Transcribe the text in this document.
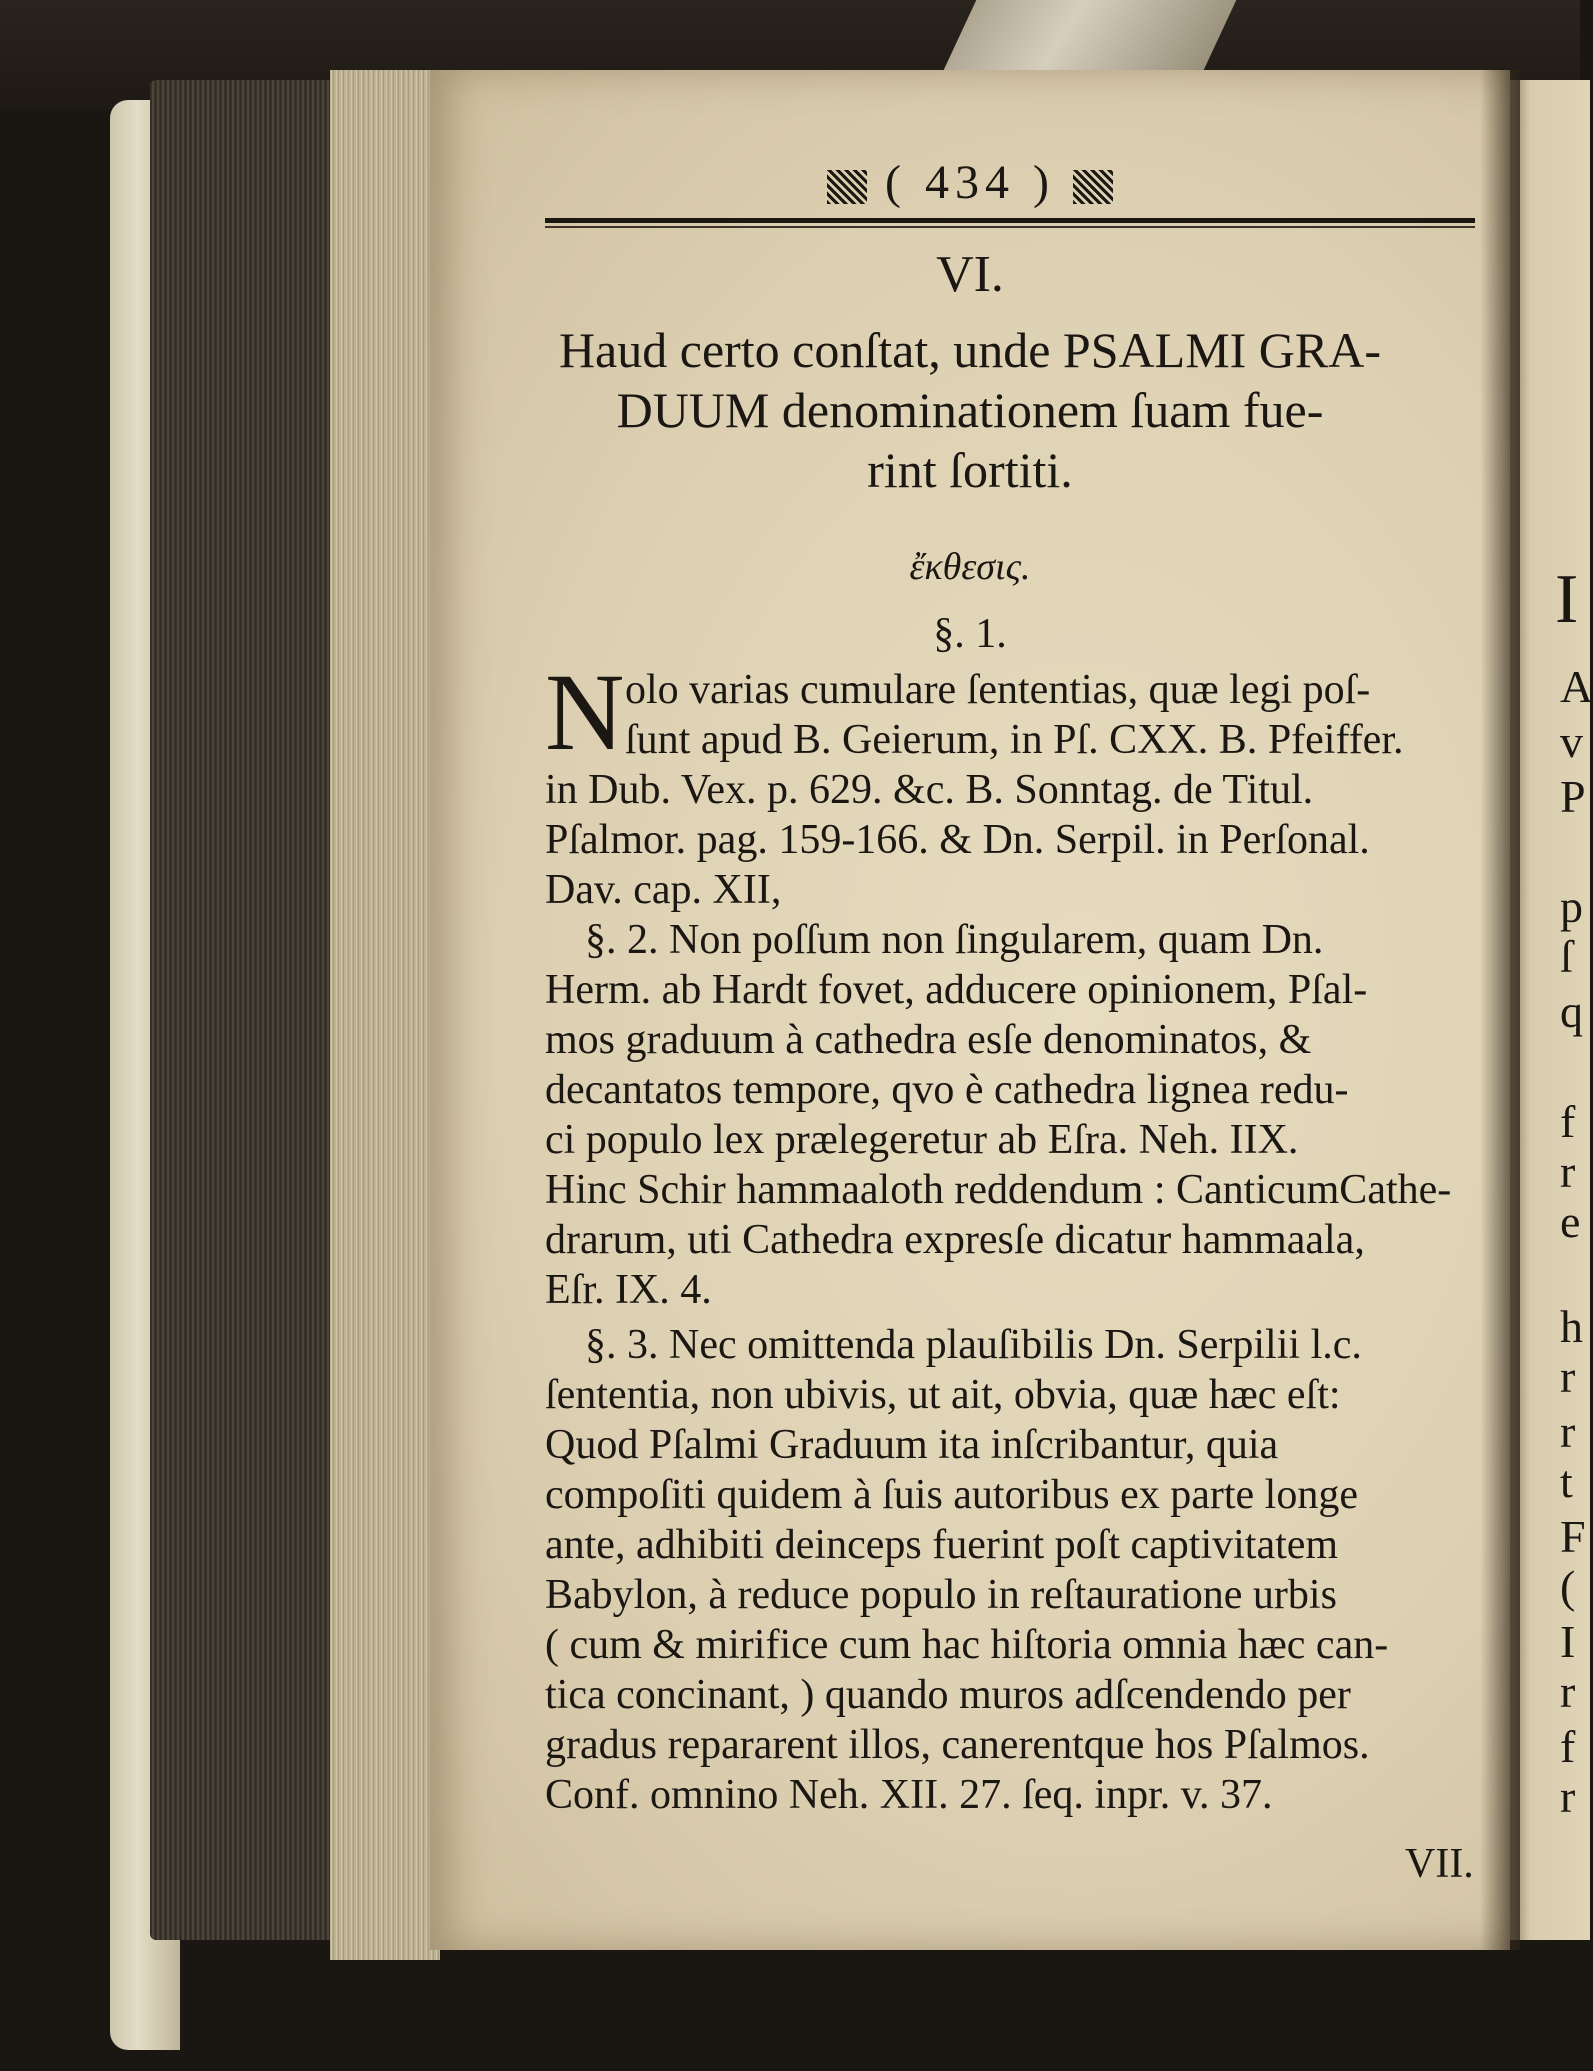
( 434 )
VI.
Haud certo conſtat, unde PSALMI GRA-
DUUM denominationem ſuam fue-
rint ſortiti.
ἔκθεσις.
§. 1.
N olo varias cumulare ſententias, quæ legi poſ-
ſunt apud B. Geierum, in Pſ. CXX. B. Pfeiffer.
in Dub. Vex. p. 629. &c. B. Sonntag. de Titul.
Pſalmor. pag. 159-166. & Dn. Serpil. in Perſonal.
Dav. cap. XII,
§. 2. Non poſſum non ſingularem, quam Dn.
Herm. ab Hardt fovet, adducere opinionem, Pſal-
mos graduum à cathedra esſe denominatos, &
decantatos tempore, qvo è cathedra lignea redu-
ci populo lex prælegeretur ab Eſra. Neh. IIX.
Hinc Schir hammaaloth reddendum : CanticumCathe-
drarum, uti Cathedra expresſe dicatur hammaala,
Eſr. IX. 4.
§. 3. Nec omittenda plauſibilis Dn. Serpilii l.c.
ſententia, non ubivis, ut ait, obvia, quæ hæc eſt:
Quod Pſalmi Graduum ita inſcribantur, quia
compoſiti quidem à ſuis autoribus ex parte longe
ante, adhibiti deinceps fuerint poſt captivitatem
Babylon, à reduce populo in reſtauratione urbis
( cum & mirifice cum hac hiſtoria omnia hæc can-
tica concinant, ) quando muros adſcendendo per
gradus repararent illos, canerentque hos Pſalmos.
Conf. omnino Neh. XII. 27. ſeq. inpr. v. 37.
VII.
I
A
v
P
p
ſ
q
f
r
e
h
r
r
t
F
(
I
r
f
r
